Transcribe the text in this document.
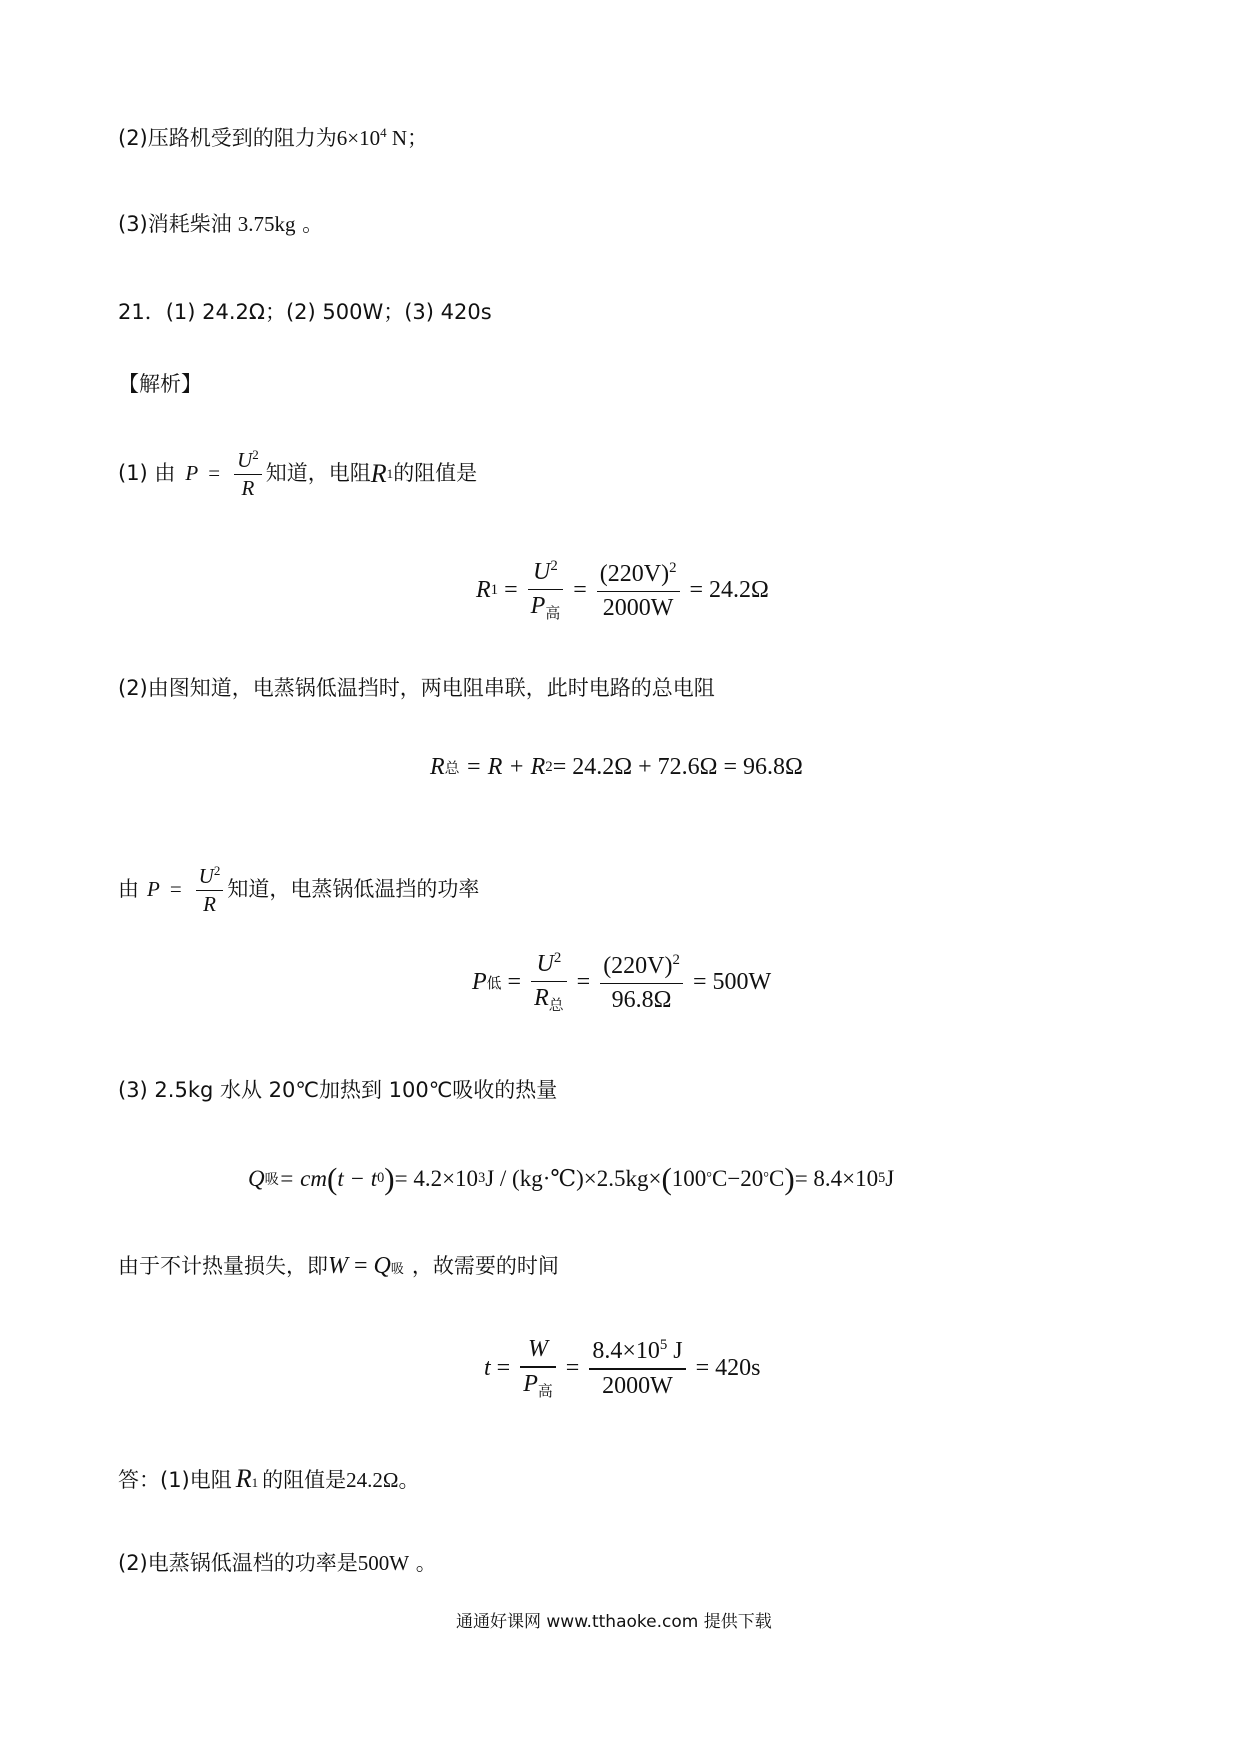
(2)压路机受到的阻力为$6\times 10^4$ N；
(3)消耗柴油 3.75kg 。
21．(1) 24.2Ω；(2) 500W；(3) 420s
【解析】
(1) 由 $P = \frac{U^2}{R}$ 知道，电阻 R 1 的阻值是
R $1 = \frac{U^2}{P_高} = \frac{(220V)^2}{2000W} = 24.2\Omega$
(2)由图知道，电蒸锅低温挡时，两电阻串联，此时电路的总电阻
R 总 = R + R 2 = 24.2Ω + 72.6Ω = 96.8Ω
由 $P = \frac{U^2}{R}$ 知道，电蒸锅低温挡的功率
P 低 = $\frac{U^2}{R_总} = \frac{(220V)^2}{96.8\Omega} = 500W$
(3) 2.5kg 水从 20℃加热到 100℃吸收的热量
Q 吸 = cm ( t − t 0 ) = 4.2×10 3 J / (kg·℃)×2.5kg× ( 100 ° C−20 ° C ) = 8.4×10 5 J
由于不计热量损失，即 W = Q 吸 ，故需要的时间
$t = \frac{W}{P_高} = \frac{8.4\times 10^5 J}{2000W} = 420s$
答：(1)电阻 R 1 的阻值是 24.2Ω 。
(2)电蒸锅低温档的功率是500W 。
通通好课网 www.tthaoke.com 提供下载
